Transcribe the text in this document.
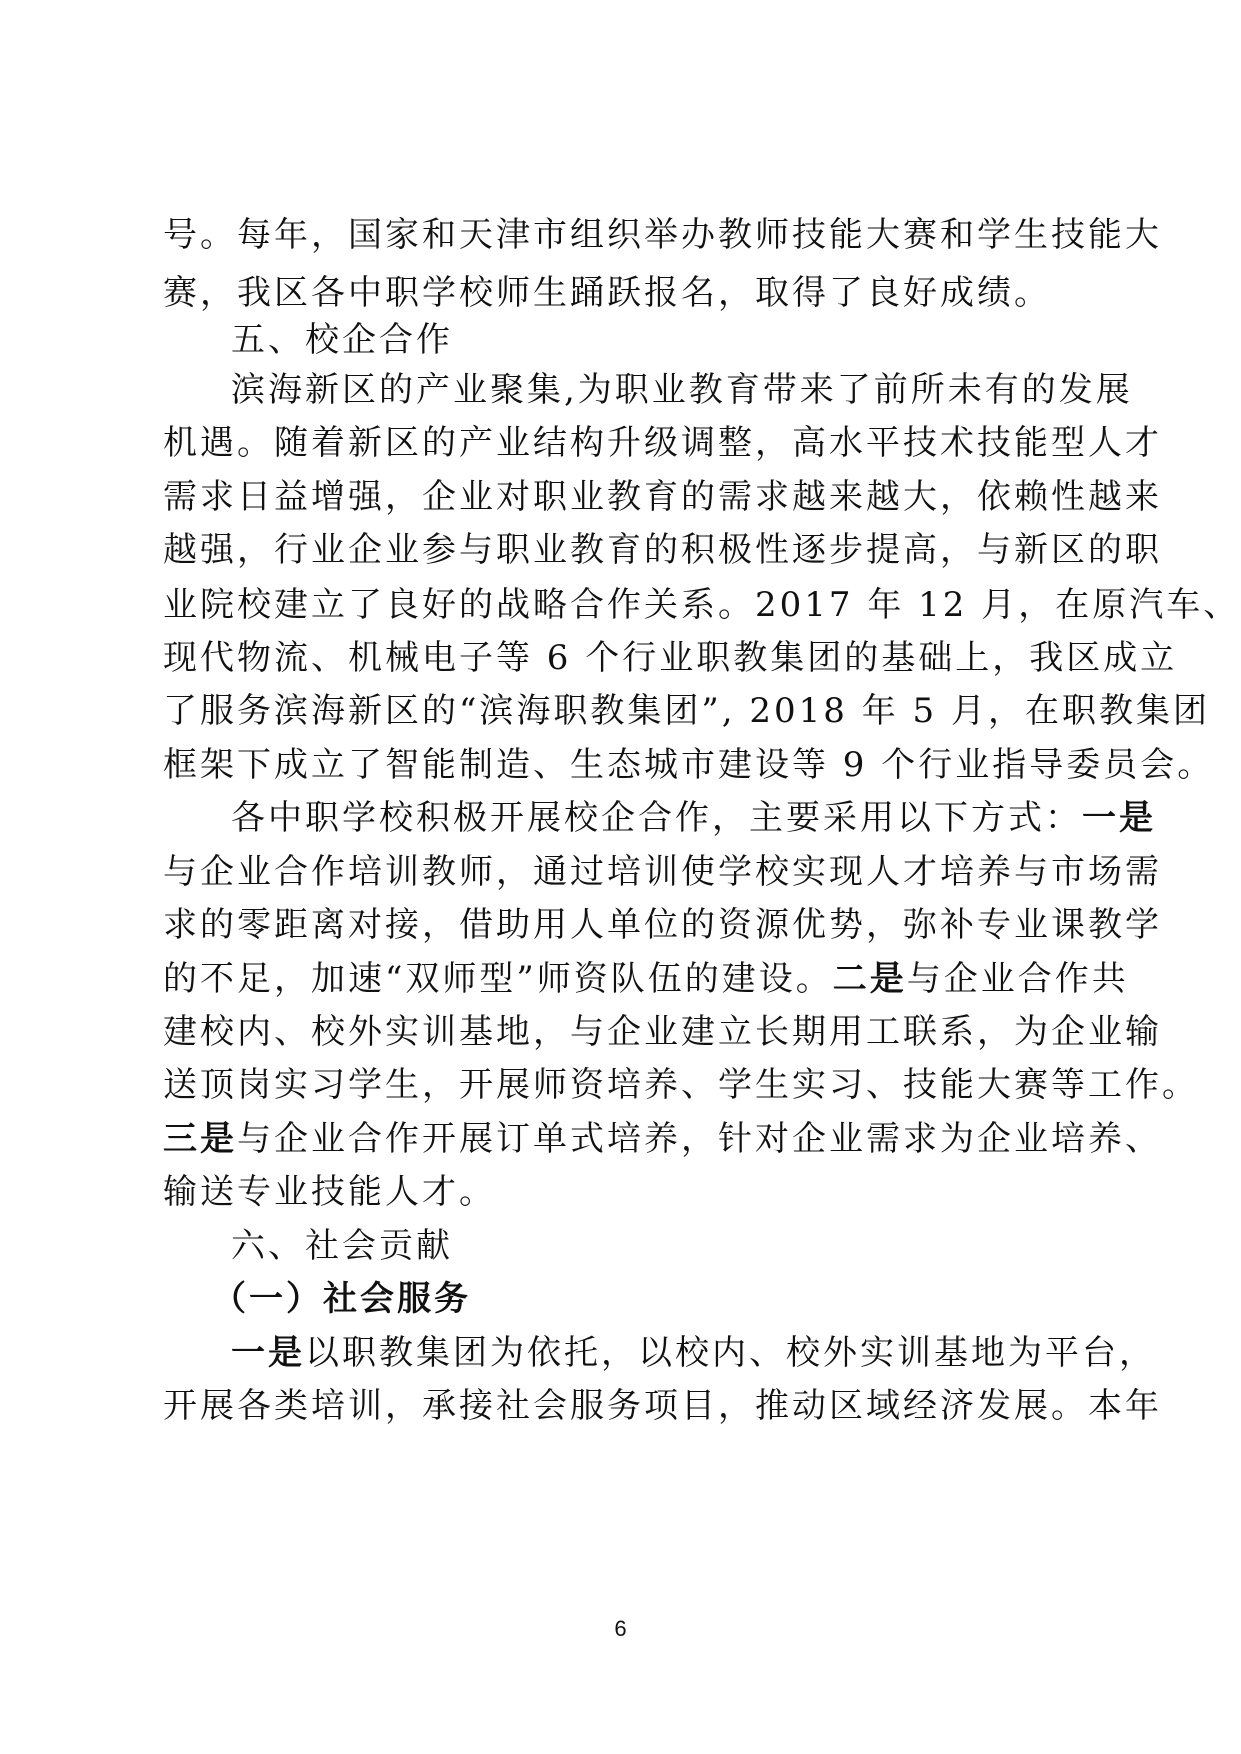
号。每年，国家和天津市组织举办教师技能大赛和学生技能大
赛，我区各中职学校师生踊跃报名，取得了良好成绩。
五、校企合作
滨海新区的产业聚集,为职业教育带来了前所未有的发展
机遇。随着新区的产业结构升级调整，高水平技术技能型人才
需求日益增强，企业对职业教育的需求越来越大，依赖性越来
越强，行业企业参与职业教育的积极性逐步提高，与新区的职
业院校建立了良好的战略合作关系。2017 年 12 月，在原汽车、
现代物流、机械电子等 6 个行业职教集团的基础上，我区成立
了服务滨海新区的“滨海职教集团”, 2018 年 5 月，在职教集团
框架下成立了智能制造、生态城市建设等 9 个行业指导委员会。
各中职学校积极开展校企合作，主要采用以下方式：一是
与企业合作培训教师，通过培训使学校实现人才培养与市场需
求的零距离对接，借助用人单位的资源优势，弥补专业课教学
的不足，加速“双师型”师资队伍的建设。二是与企业合作共
建校内、校外实训基地，与企业建立长期用工联系，为企业输
送顶岗实习学生，开展师资培养、学生实习、技能大赛等工作。
三是与企业合作开展订单式培养，针对企业需求为企业培养、
输送专业技能人才。
六、社会贡献
（一）社会服务
一是以职教集团为依托，以校内、校外实训基地为平台，
开展各类培训，承接社会服务项目，推动区域经济发展。本年
6
